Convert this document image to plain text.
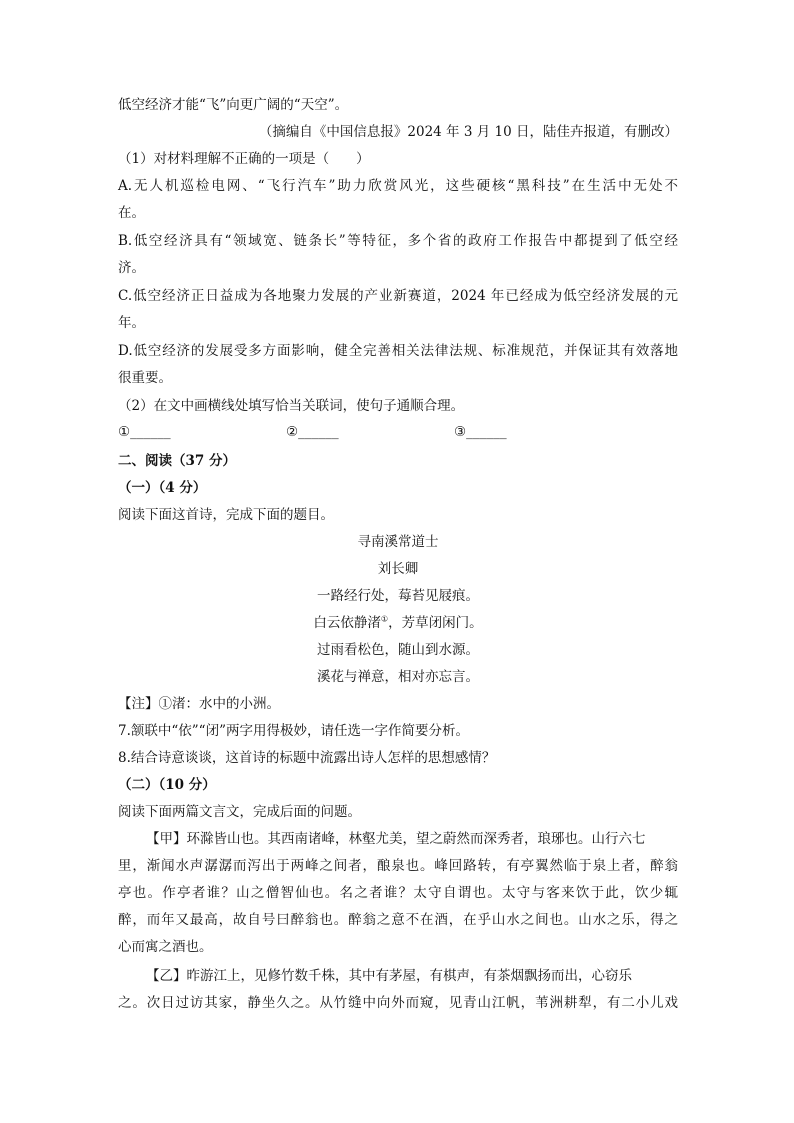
低空经济才能“飞”向更广阔的“天空”。
（摘编自《中国信息报》2024 年 3 月 10 日，陆佳卉报道，有删改）
（1）对材料理解不正确的一项是（　　）
A.无人机巡检电网、“飞行汽车”助力欣赏风光，这些硬核“黑科技”在生活中无处不
在。
B.低空经济具有“领域宽、链条长”等特征，多个省的政府工作报告中都提到了低空经
济。
C.低空经济正日益成为各地聚力发展的产业新赛道，2024 年已经成为低空经济发展的元
年。
D.低空经济的发展受多方面影响，健全完善相关法律法规、标准规范，并保证其有效落地
很重要。
（2）在文中画横线处填写恰当关联词，使句子通顺合理。
①______	②______	③______
二、阅读（37 分）
（一）（4 分）
阅读下面这首诗，完成下面的题目。
寻南溪常道士
刘长卿
一路经行处，莓苔见屐痕。
白云依静渚①，芳草闭闲门。
过雨看松色，随山到水源。
溪花与禅意，相对亦忘言。
【注】①渚：水中的小洲。
7.颔联中“依”“闭”两字用得极妙，请任选一字作简要分析。
8.结合诗意谈谈，这首诗的标题中流露出诗人怎样的思想感情？
（二）（10 分）
阅读下面两篇文言文，完成后面的问题。
【甲】环滁皆山也。其西南诸峰，林壑尤美，望之蔚然而深秀者，琅琊也。山行六七
里，渐闻水声潺潺而泻出于两峰之间者，酿泉也。峰回路转，有亭翼然临于泉上者，醉翁
亭也。作亭者谁？山之僧智仙也。名之者谁？太守自谓也。太守与客来饮于此，饮少辄
醉，而年又最高，故自号曰醉翁也。醉翁之意不在酒，在乎山水之间也。山水之乐，得之
心而寓之酒也。
【乙】昨游江上，见修竹数千株，其中有茅屋，有棋声，有茶烟飘扬而出，心窃乐
之。次日过访其家，静坐久之。从竹缝中向外而窥，见青山江帆，苇洲耕犁，有二小儿戏
